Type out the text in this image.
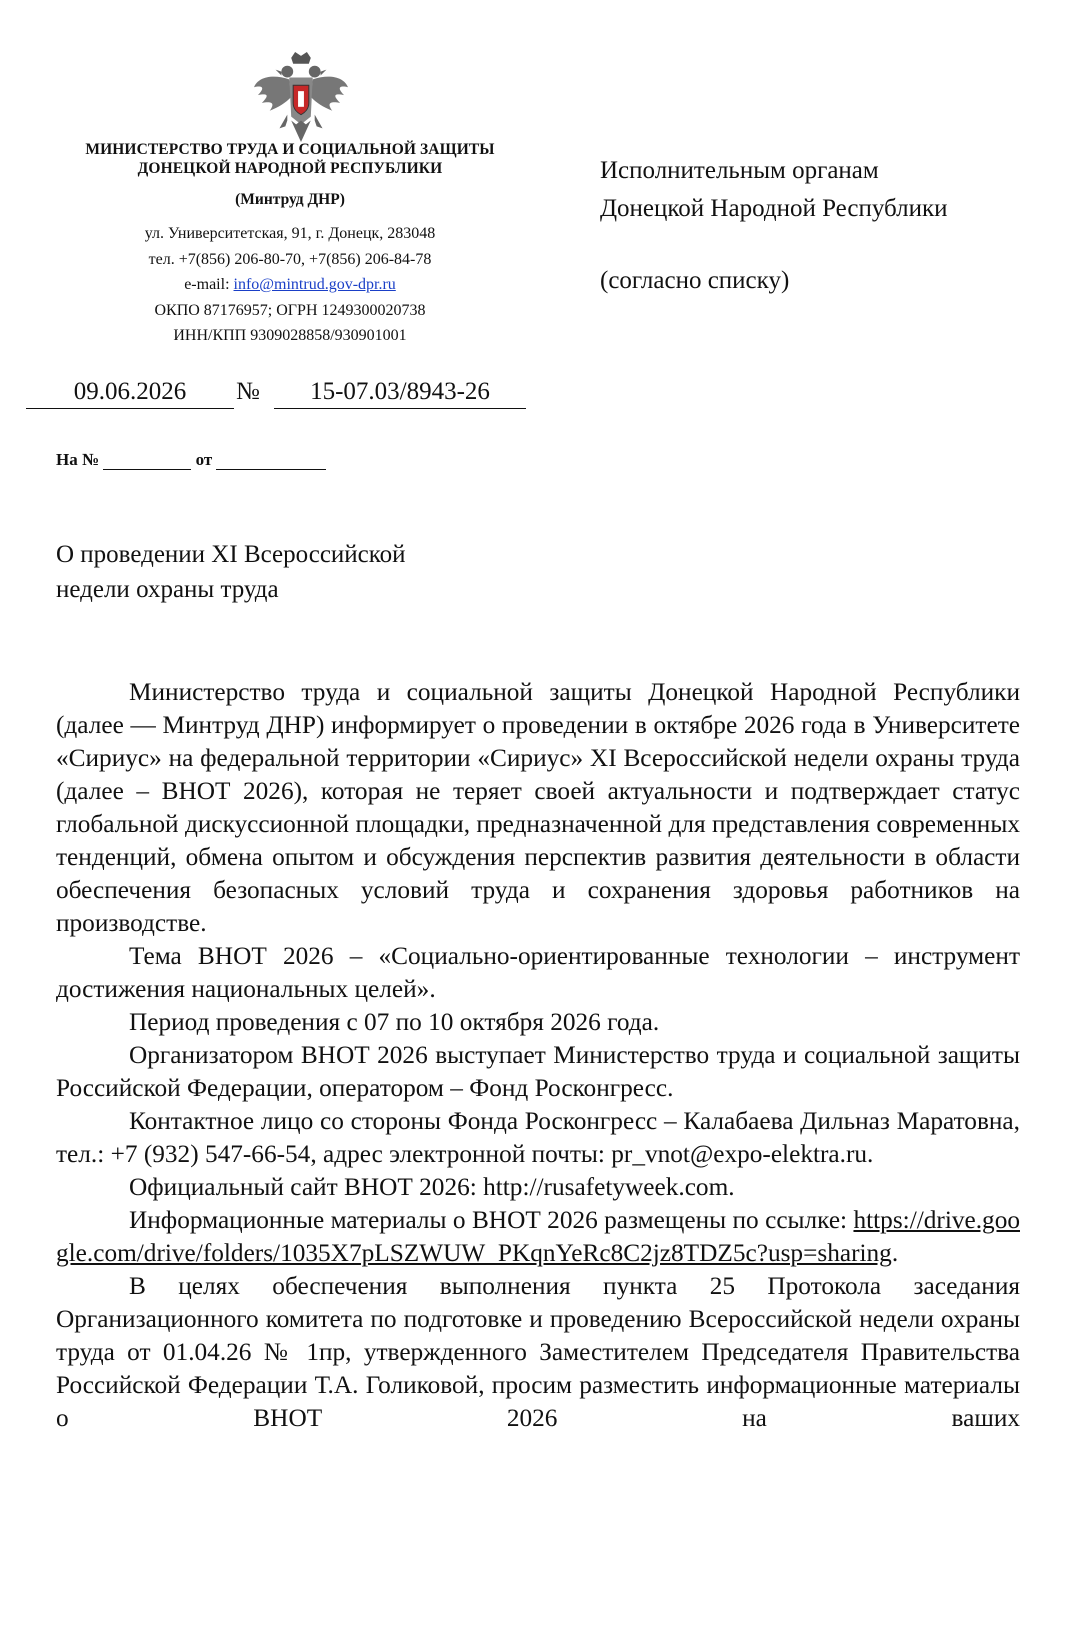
МИНИСТЕРСТВО ТРУДА И СОЦИАЛЬНОЙ ЗАЩИТЫ
ДОНЕЦКОЙ НАРОДНОЙ РЕСПУБЛИКИ
(Минтруд ДНР)
ул. Университетская, 91, г. Донецк, 283048
тел. +7(856) 206-80-70, +7(856) 206-84-78
e-mail: info@mintrud.gov-dpr.ru
ОКПО 87176957; ОГРН 1249300020738
ИНН/КПП 9309028858/930901001
Исполнительным органам
Донецкой Народной Республики
(согласно списку)
09.06.2026	№	15-07.03/8943-26
На №	от
О проведении XI Всероссийской
недели охраны труда

Министерство труда и социальной защиты Донецкой Народной Республики (далее — Минтруд ДНР) информирует о проведении в октябре 2026 года в Университете «Сириус» на федеральной территории «Сириус» XI Всероссийской недели охраны труда (далее – ВНОТ 2026), которая не теряет своей актуальности и подтверждает статус глобальной дискуссионной площадки, предназначенной для представления современных тенденций, обмена опытом и обсуждения перспектив развития деятельности в области обеспечения безопасных условий труда и сохранения здоровья работников на производстве.

Тема ВНОТ 2026 – «Социально-ориентированные технологии – инструмент достижения национальных целей».

Период проведения с 07 по 10 октября 2026 года.

Организатором ВНОТ 2026 выступает Министерство труда и социальной защиты Российской Федерации, оператором – Фонд Росконгресс.

Контактное лицо со стороны Фонда Росконгресс – Калабаева Дильназ Маратовна, тел.: +7 (932) 547-66-54, адрес электронной почты: pr_vnot@expo-elektra.ru.

Официальный сайт ВНОТ 2026: http://rusafetyweek.com.

Информационные материалы о ВНОТ 2026 размещены по ссылке: https://drive.google.com/drive/folders/1035X7pLSZWUW_PKqnYeRc8C2jz8TDZ5c?usp=sharing.

В целях обеспечения выполнения пункта 25 Протокола заседания Организационного комитета по подготовке и проведению Всероссийской недели охраны труда от 01.04.26 № 1пр, утвержденного Заместителем Председателя Правительства Российской Федерации Т.А. Голиковой, просим разместить информационные материалы о ВНОТ 2026 на ваших
